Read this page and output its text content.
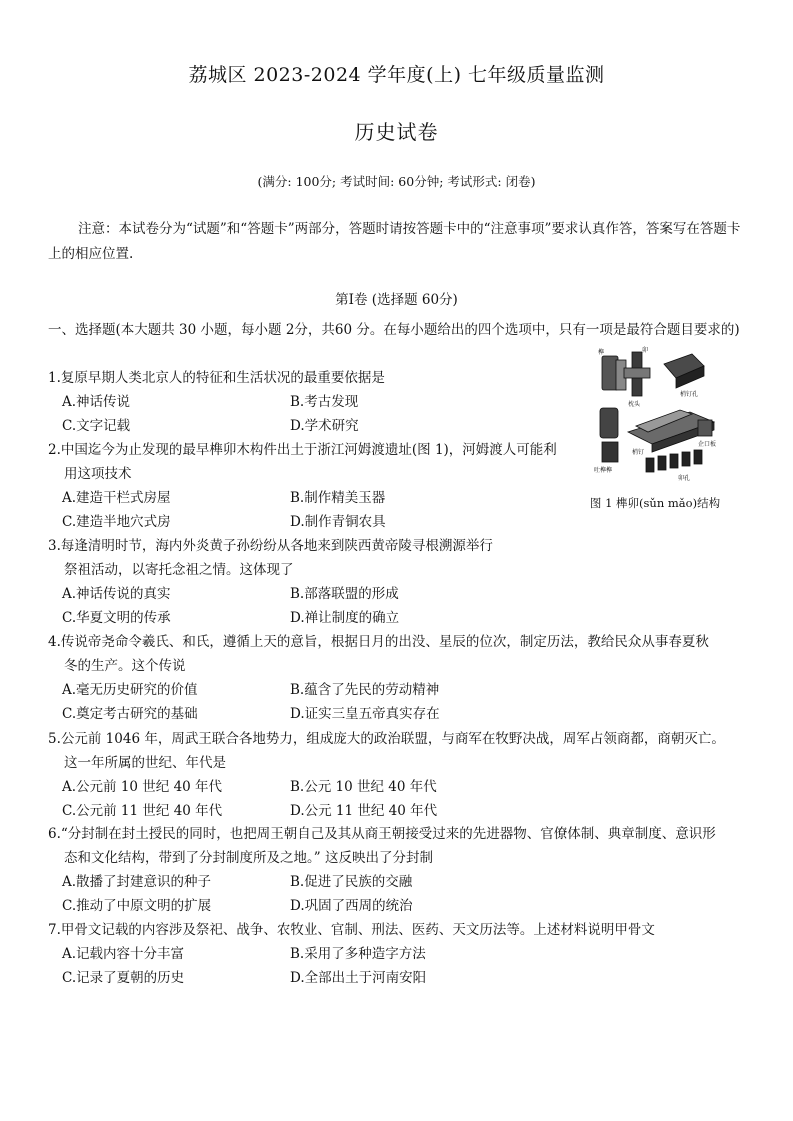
荔城区 2023-2024 学年度(上) 七年级质量监测
历史试卷
(满分: 100分; 考试时间: 60分钟; 考试形式: 闭卷)
注意：本试卷分为“试题”和“答题卡”两部分，答题时请按答题卡中的“注意事项”要求认真作答，答案写在答题卡上的相应位置.
第Ⅰ卷 (选择题 60分)
一、选择题(本大题共 30 小题，每小题 2分，共60 分。在每小题给出的四个选项中，只有一项是最符合题目要求的)
1.复原早期人类北京人的特征和生活状况的最重要依据是
A.神话传说	B.考古发现
C.文字记载	D.学术研究
2.中国迄今为止发现的最早榫卯木构件出土于浙江河姆渡遗址(图 1)，河姆渡人可能利
用这项技术
A.建造干栏式房屋	B.制作精美玉器
C.建造半地穴式房	D.制作青铜农具
3.每逢清明时节，海内外炎黄子孙纷纷从各地来到陕西黄帝陵寻根溯源举行
祭祖活动，以寄托念祖之情。这体现了
A.神话传说的真实	B.部落联盟的形成
C.华夏文明的传承	D.禅让制度的确立
4.传说帝尧命令羲氏、和氏，遵循上天的意旨，根据日月的出没、星辰的位次，制定历法，教给民众从事春夏秋
冬的生产。这个传说
A.毫无历史研究的价值	B.蕴含了先民的劳动精神
C.奠定考古研究的基础	D.证实三皇五帝真实存在
5.公元前 1046 年，周武王联合各地势力，组成庞大的政治联盟，与商军在牧野决战，周军占领商都，商朝灭亡。
这一年所属的世纪、年代是
A.公元前 10 世纪 40 年代	B.公元 10 世纪 40 年代
C.公元前 11 世纪 40 年代	D.公元 11 世纪 40 年代
6.“分封制在封土授民的同时，也把周王朝自己及其从商王朝接受过来的先进器物、官僚体制、典章制度、意识形
态和文化结构，带到了分封制度所及之地。” 这反映出了分封制
A.散播了封建意识的种子	B.促进了民族的交融
C.推动了中原文明的扩展	D.巩固了西周的统治
7.甲骨文记载的内容涉及祭祀、战争、农牧业、官制、刑法、医药、天文历法等。上述材料说明甲骨文
A.记载内容十分丰富	B.采用了多种造字方法
C.记录了夏朝的历史	D.全部出土于河南安阳
榫	卯
枕头
梢钉孔
企口板
梢钉
卯孔
吐榫榫
图 1 榫卯(sǔn mǎo)结构
